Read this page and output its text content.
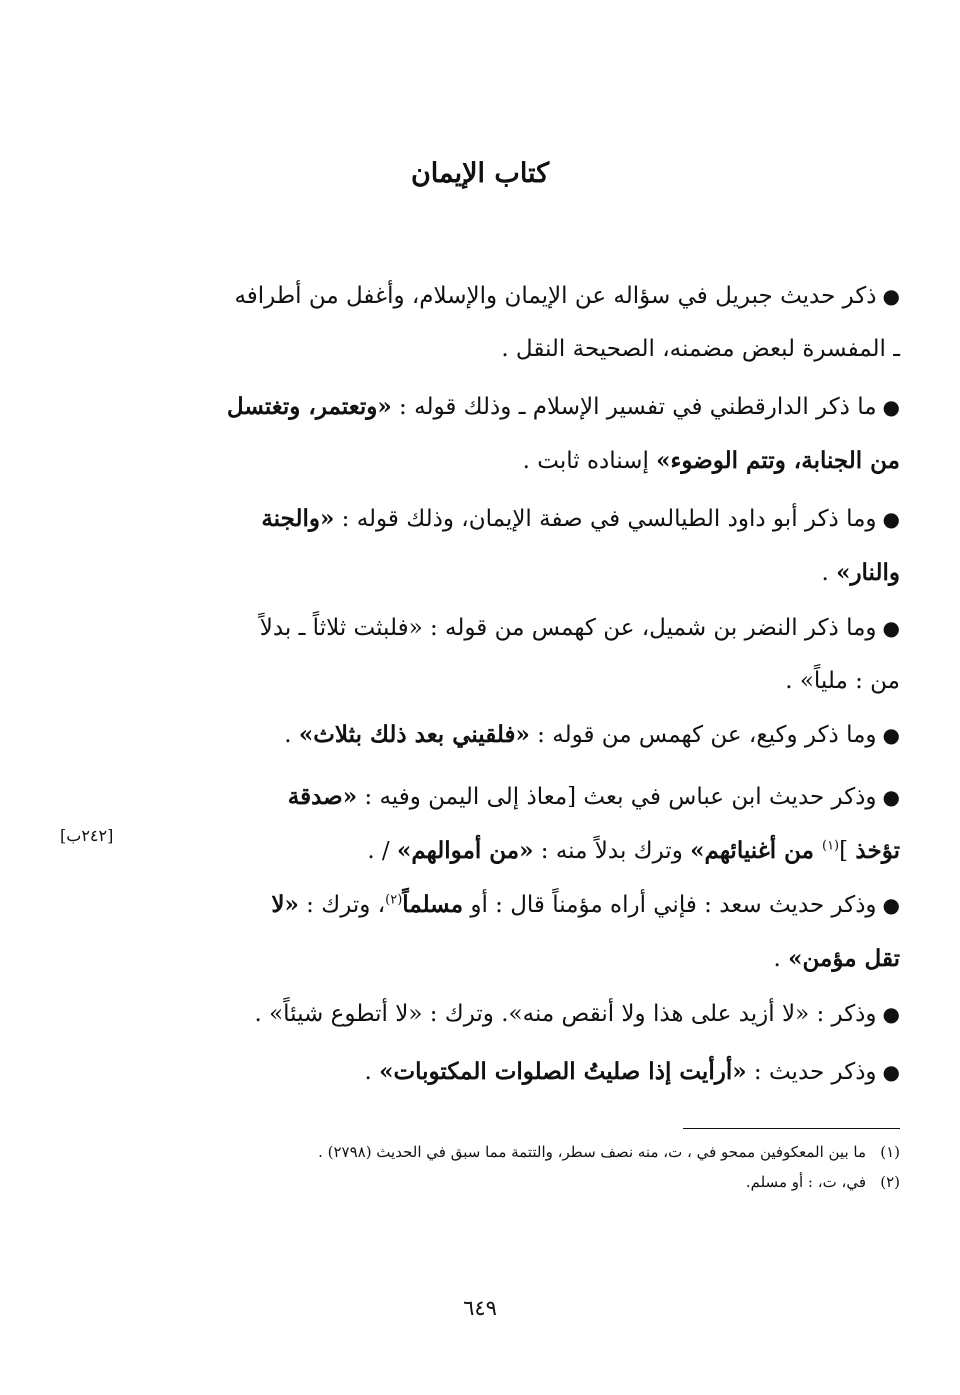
كتاب الإيمان
●ذكر حديث جبريل في سؤاله عن الإيمان والإسلام، وأغفل من أطرافه
ـ المفسرة لبعض مضمنه، الصحيحة النقل .
●ما ذكر الدارقطني في تفسير الإسلام ـ وذلك قوله : «وتعتمر، وتغتسل
من الجنابة، وتتم الوضوء» إسناده ثابت .
●وما ذكر أبو داود الطيالسي في صفة الإيمان، وذلك قوله : «والجنة
والنار» .
●وما ذكر النضر بن شميل، عن كهمس من قوله : «فلبثت ثلاثاً ـ بدلاً
من : ملياً» .
●وما ذكر وكيع، عن كهمس من قوله : «فلقيني بعد ذلك بثلاث» .
●وذكر حديث ابن عباس في بعث [معاذ إلى اليمن وفيه : «صدقة
تؤخذ ]$^{(١)}$ من أغنيائهم» وترك بدلاً منه : «من أموالهم» / .
●وذكر حديث سعد : فإني أراه مؤمناً قال : أو مسلماً$^{(٢)}$، وترك : «لا
تقل مؤمن» .
●وذكر : «لا أزيد على هذا ولا أنقص منه». وترك : «لا أتطوع شيئاً» .
●وذكر حديث : «أرأيت إذا صليتُ الصلوات المكتوبات» .
[٢٤٢ب]
(١)ما بين المعكوفين ممحو في ، ت، منه نصف سطر، والتتمة مما سبق في الحديث (٢٧٩٨) .
(٢)في، ت، : أو مسلم.
٦٤٩
